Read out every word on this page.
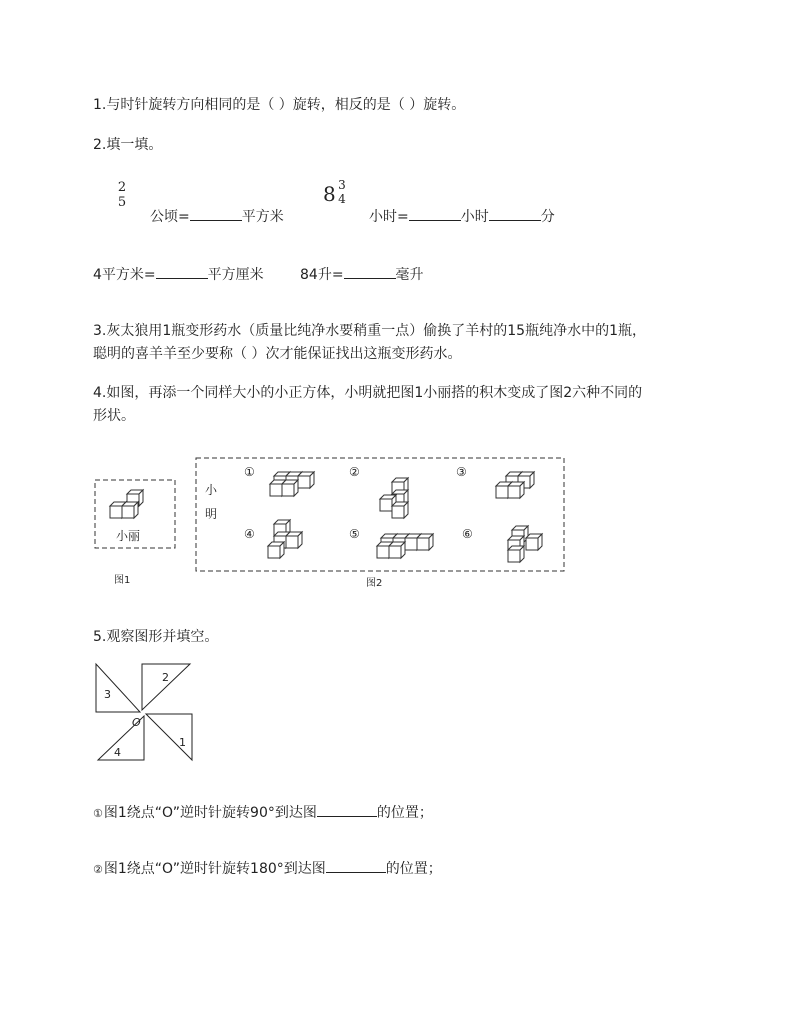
1.与时针旋转方向相同的是（ ）旋转，相反的是（ ）旋转。
2.填一填。
2
5
公顷=	平方米
8 3
4
小时=	小时	分
4平方米=	平方厘米	84升=	毫升
3.灰太狼用1瓶变形药水（质量比纯净水要稍重一点）偷换了羊村的15瓶纯净水中的1瓶，
聪明的喜羊羊至少要称（ ）次才能保证找出这瓶变形药水。
4.如图，再添一个同样大小的小正方体，小明就把图1小丽搭的积木变成了图2六种不同的
形状。
小丽
图1
小
明
图2
①	②	③
④	⑤	⑥
5.观察图形并填空。
3
2
1
4
O
①图1绕点“O”逆时针旋转90°到达图	的位置；
②图1绕点“O”逆时针旋转180°到达图	的位置；
